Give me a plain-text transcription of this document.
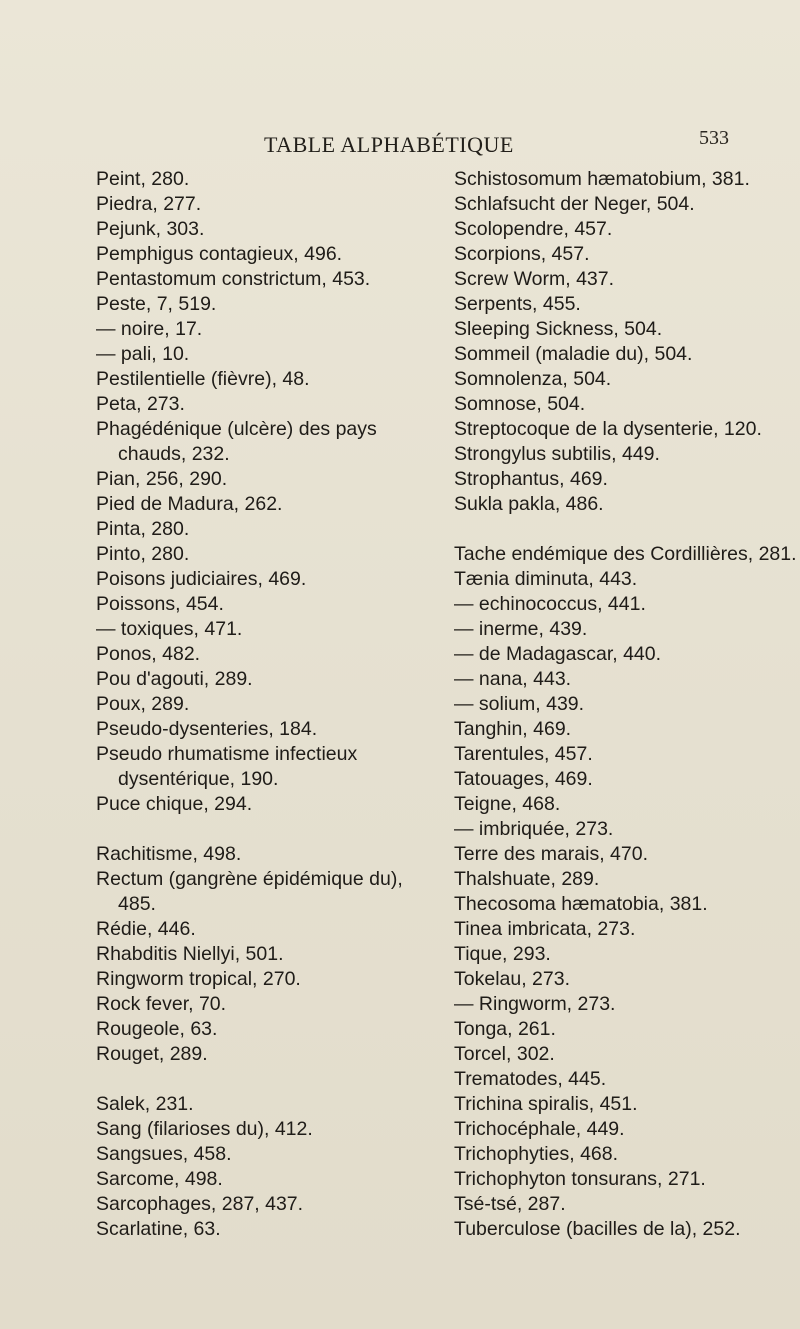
TABLE ALPHABÉTIQUE	533
Peint, 280.
Piedra, 277.
Pejunk, 303.
Pemphigus contagieux, 496.
Pentastomum constrictum, 453.
Peste, 7, 519.
— noire, 17.
— pali, 10.
Pestilentielle (fièvre), 48.
Peta, 273.
Phagédénique (ulcère) des pays chauds, 232.
Pian, 256, 290.
Pied de Madura, 262.
Pinta, 280.
Pinto, 280.
Poisons judiciaires, 469.
Poissons, 454.
— toxiques, 471.
Ponos, 482.
Pou d'agouti, 289.
Poux, 289.
Pseudo-dysenteries, 184.
Pseudo rhumatisme infectieux dysentérique, 190.
Puce chique, 294.
Rachitisme, 498.
Rectum (gangrène épidémique du), 485.
Rédie, 446.
Rhabditis Niellyi, 501.
Ringworm tropical, 270.
Rock fever, 70.
Rougeole, 63.
Rouget, 289.
Salek, 231.
Sang (filarioses du), 412.
Sangsues, 458.
Sarcome, 498.
Sarcophages, 287, 437.
Scarlatine, 63.
Schistosomum hæmatobium, 381.
Schlafsucht der Neger, 504.
Scolopendre, 457.
Scorpions, 457.
Screw Worm, 437.
Serpents, 455.
Sleeping Sickness, 504.
Sommeil (maladie du), 504.
Somnolenza, 504.
Somnose, 504.
Streptocoque de la dysenterie, 120.
Strongylus subtilis, 449.
Strophantus, 469.
Sukla pakla, 486.
Tache endémique des Cordillières, 281.
Tænia diminuta, 443.
— echinococcus, 441.
— inerme, 439.
— de Madagascar, 440.
— nana, 443.
— solium, 439.
Tanghin, 469.
Tarentules, 457.
Tatouages, 469.
Teigne, 468.
— imbriquée, 273.
Terre des marais, 470.
Thalshuate, 289.
Thecosoma hæmatobia, 381.
Tinea imbricata, 273.
Tique, 293.
Tokelau, 273.
— Ringworm, 273.
Tonga, 261.
Torcel, 302.
Trematodes, 445.
Trichina spiralis, 451.
Trichocéphale, 449.
Trichophyties, 468.
Trichophyton tonsurans, 271.
Tsé-tsé, 287.
Tuberculose (bacilles de la), 252.
